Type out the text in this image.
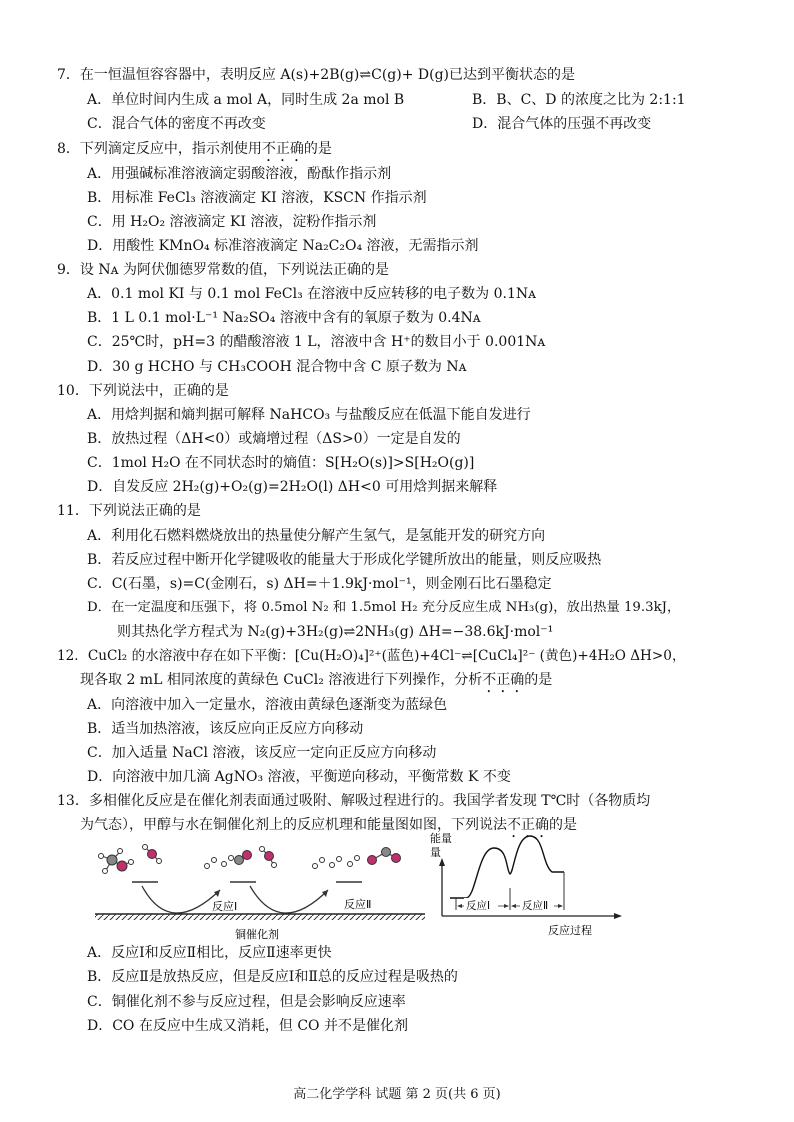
7．在一恒温恒容容器中，表明反应 A(s)+2B(g)⇌C(g)+ D(g)已达到平衡状态的是
A．单位时间内生成 a mol A，同时生成 2a mol B	B．B、C、D 的浓度之比为 2:1:1
C．混合气体的密度不再改变	D．混合气体的压强不再改变
8．下列滴定反应中，指示剂使用不正确的是
A．用强碱标准溶液滴定弱酸溶液，酚酞作指示剂
B．用标准 FeCl₃ 溶液滴定 KI 溶液，KSCN 作指示剂
C．用 H₂O₂ 溶液滴定 KI 溶液，淀粉作指示剂
D．用酸性 KMnO₄ 标准溶液滴定 Na₂C₂O₄ 溶液，无需指示剂
9．设 Nᴀ 为阿伏伽德罗常数的值，下列说法正确的是
A．0.1 mol KI 与 0.1 mol FeCl₃ 在溶液中反应转移的电子数为 0.1Nᴀ
B．1 L 0.1 mol·L⁻¹ Na₂SO₄ 溶液中含有的氧原子数为 0.4Nᴀ
C．25℃时，pH=3 的醋酸溶液 1 L，溶液中含 H⁺的数目小于 0.001Nᴀ
D．30 g HCHO 与 CH₃COOH 混合物中含 C 原子数为 Nᴀ
10．下列说法中，正确的是
A．用焓判据和熵判据可解释 NaHCO₃ 与盐酸反应在低温下能自发进行
B．放热过程（ΔH<0）或熵增过程（ΔS>0）一定是自发的
C．1mol H₂O 在不同状态时的熵值：S[H₂O(s)]>S[H₂O(g)]
D．自发反应 2H₂(g)+O₂(g)=2H₂O(l) ΔH<0 可用焓判据来解释
11．下列说法正确的是
A．利用化石燃料燃烧放出的热量使分解产生氢气，是氢能开发的研究方向
B．若反应过程中断开化学键吸收的能量大于形成化学键所放出的能量，则反应吸热
C．C(石墨，s)=C(金刚石，s) ΔH=＋1.9kJ·mol⁻¹，则金刚石比石墨稳定
D．在一定温度和压强下，将 0.5mol N₂ 和 1.5mol H₂ 充分反应生成 NH₃(g)，放出热量 19.3kJ，
则其热化学方程式为 N₂(g)+3H₂(g)⇌2NH₃(g) ΔH=−38.6kJ·mol⁻¹
12．CuCl₂ 的水溶液中存在如下平衡：[Cu(H₂O)₄]²⁺(蓝色)+4Cl⁻⇌[CuCl₄]²⁻ (黄色)+4H₂O ΔH>0，
现各取 2 mL 相同浓度的黄绿色 CuCl₂ 溶液进行下列操作，分析不正确的是
A．向溶液中加入一定量水，溶液由黄绿色逐渐变为蓝绿色
B．适当加热溶液，该反应向正反应方向移动
C．加入适量 NaCl 溶液，该反应一定向正反应方向移动
D．向溶液中加几滴 AgNO₃ 溶液，平衡逆向移动，平衡常数 K 不变
13．多相催化反应是在催化剂表面通过吸附、解吸过程进行的。我国学者发现 T℃时（各物质均
为气态），甲醇与水在铜催化剂上的反应机理和能量图如图，下列说法不正确的是
反应Ⅰ	反应Ⅱ
铜催化剂
能量
量
反应Ⅰ	反应Ⅱ
反应过程
A．反应Ⅰ和反应Ⅱ相比，反应Ⅱ速率更快
B．反应Ⅱ是放热反应，但是反应Ⅰ和Ⅱ总的反应过程是吸热的
C．铜催化剂不参与反应过程，但是会影响反应速率
D．CO 在反应中生成又消耗，但 CO 并不是催化剂
高二化学学科 试题 第 2 页(共 6 页)
